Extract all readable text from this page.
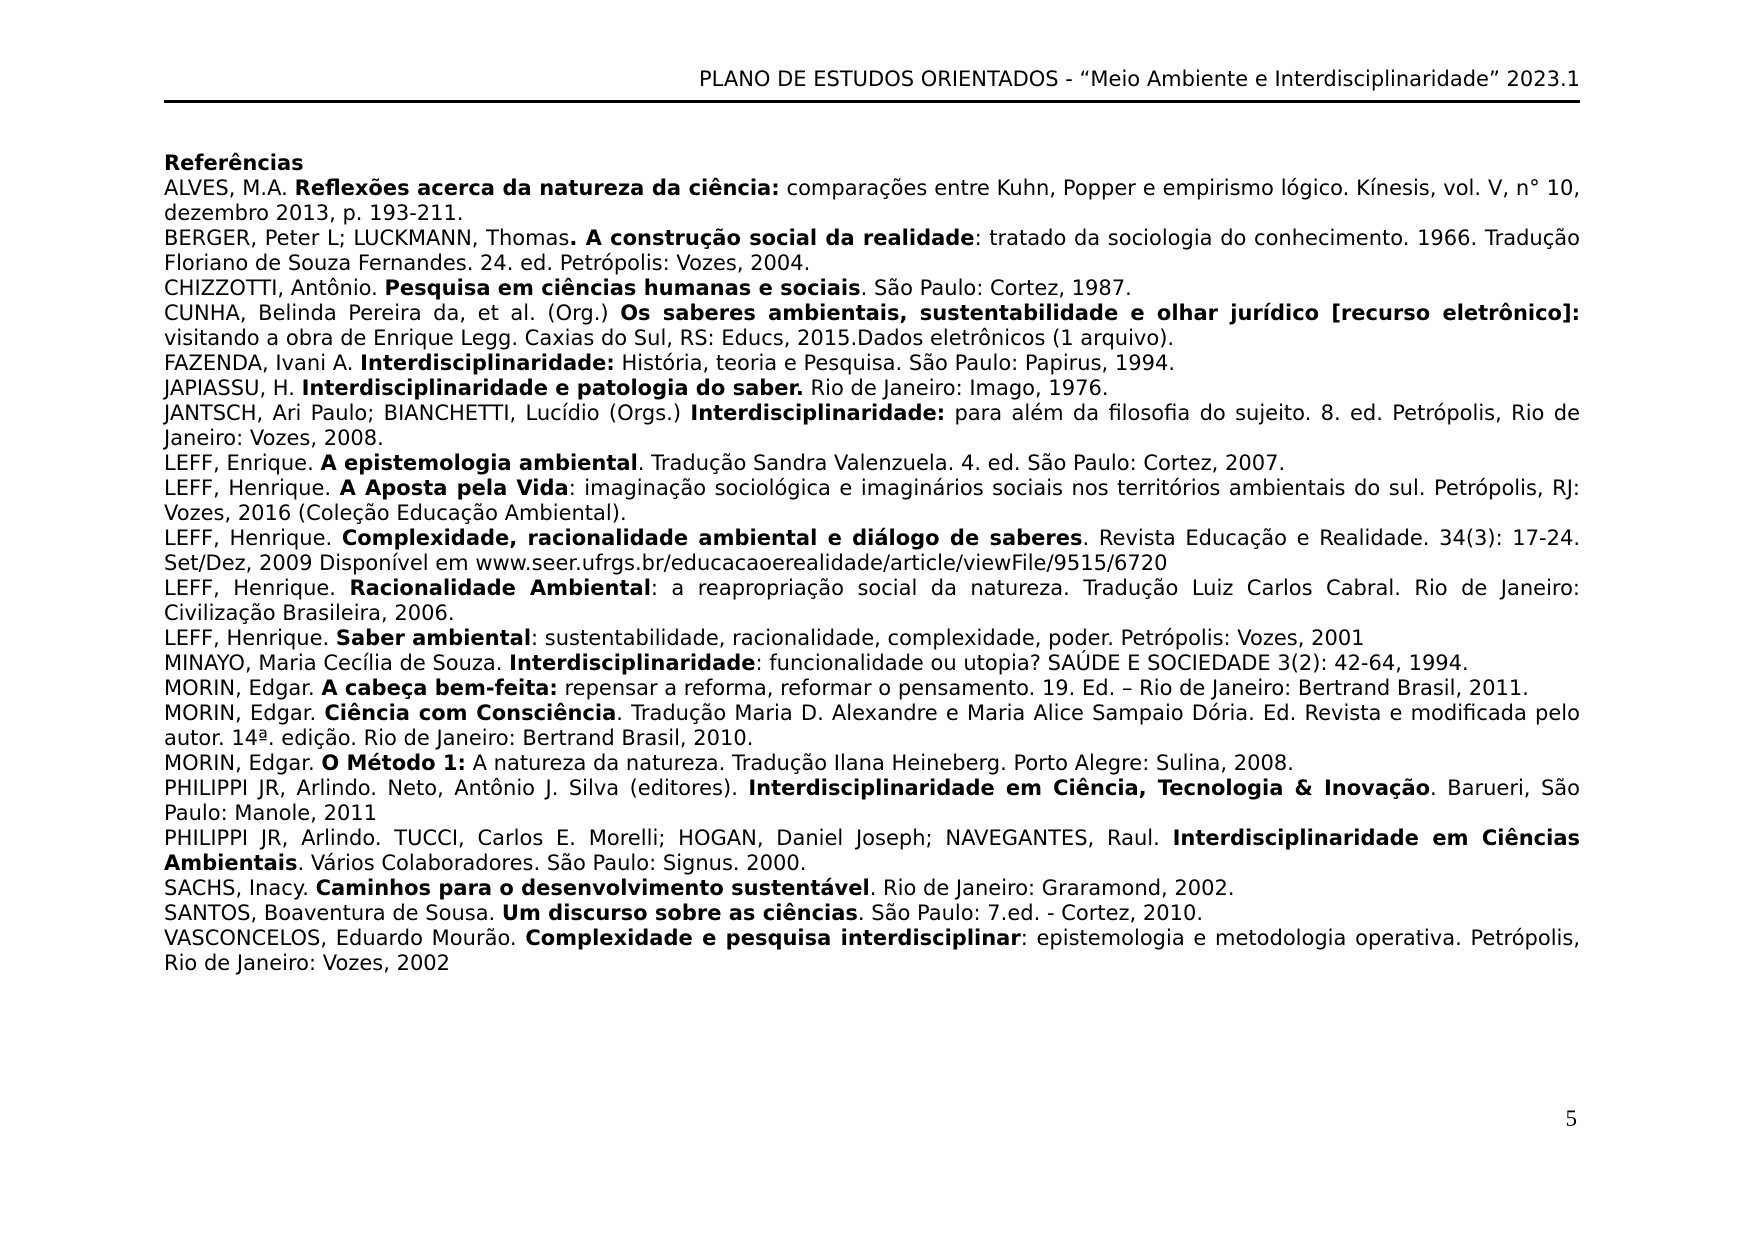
PLANO DE ESTUDOS ORIENTADOS - “Meio Ambiente e Interdisciplinaridade” 2023.1
Referências

ALVES, M.A. Reflexões acerca da natureza da ciência: comparações entre Kuhn, Popper e empirismo lógico. Kínesis, vol. V, n° 10, dezembro 2013, p. 193-211.

BERGER, Peter L; LUCKMANN, Thomas. A construção social da realidade: tratado da sociologia do conhecimento. 1966. Tradução Floriano de Souza Fernandes. 24. ed. Petrópolis: Vozes, 2004.

CHIZZOTTI, Antônio. Pesquisa em ciências humanas e sociais. São Paulo: Cortez, 1987.

CUNHA, Belinda Pereira da, et al. (Org.) Os saberes ambientais, sustentabilidade e olhar jurídico [recurso eletrônico]: visitando a obra de Enrique Legg. Caxias do Sul, RS: Educs, 2015.Dados eletrônicos (1 arquivo).

FAZENDA, Ivani A. Interdisciplinaridade: História, teoria e Pesquisa. São Paulo: Papirus, 1994.

JAPIASSU, H. Interdisciplinaridade e patologia do saber. Rio de Janeiro: Imago, 1976.

JANTSCH, Ari Paulo; BIANCHETTI, Lucídio (Orgs.) Interdisciplinaridade: para além da filosofia do sujeito. 8. ed. Petrópolis, Rio de Janeiro: Vozes, 2008.

LEFF, Enrique. A epistemologia ambiental. Tradução Sandra Valenzuela. 4. ed. São Paulo: Cortez, 2007.

LEFF, Henrique. A Aposta pela Vida: imaginação sociológica e imaginários sociais nos territórios ambientais do sul. Petrópolis, RJ: Vozes, 2016 (Coleção Educação Ambiental).

LEFF, Henrique. Complexidade, racionalidade ambiental e diálogo de saberes. Revista Educação e Realidade. 34(3): 17-24. Set/Dez, 2009 Disponível em www.seer.ufrgs.br/educacaoerealidade/article/viewFile/9515/6720

LEFF, Henrique. Racionalidade Ambiental: a reapropriação social da natureza. Tradução Luiz Carlos Cabral. Rio de Janeiro: Civilização Brasileira, 2006.

LEFF, Henrique. Saber ambiental: sustentabilidade, racionalidade, complexidade, poder. Petrópolis: Vozes, 2001

MINAYO, Maria Cecília de Souza. Interdisciplinaridade: funcionalidade ou utopia? SAÚDE E SOCIEDADE 3(2): 42-64, 1994.

MORIN, Edgar. A cabeça bem-feita: repensar a reforma, reformar o pensamento. 19. Ed. – Rio de Janeiro: Bertrand Brasil, 2011.

MORIN, Edgar. Ciência com Consciência. Tradução Maria D. Alexandre e Maria Alice Sampaio Dória. Ed. Revista e modificada pelo autor. 14ª. edição. Rio de Janeiro: Bertrand Brasil, 2010.

MORIN, Edgar. O Método 1: A natureza da natureza. Tradução Ilana Heineberg. Porto Alegre: Sulina, 2008.

PHILIPPI JR, Arlindo. Neto, Antônio J. Silva (editores). Interdisciplinaridade em Ciência, Tecnologia & Inovação. Barueri, São Paulo: Manole, 2011

PHILIPPI JR, Arlindo. TUCCI, Carlos E. Morelli; HOGAN, Daniel Joseph; NAVEGANTES, Raul. Interdisciplinaridade em Ciências Ambientais. Vários Colaboradores. São Paulo: Signus. 2000.

SACHS, Inacy. Caminhos para o desenvolvimento sustentável. Rio de Janeiro: Graramond, 2002.

SANTOS, Boaventura de Sousa. Um discurso sobre as ciências. São Paulo: 7.ed. - Cortez, 2010.

VASCONCELOS, Eduardo Mourão. Complexidade e pesquisa interdisciplinar: epistemologia e metodologia operativa. Petrópolis, Rio de Janeiro: Vozes, 2002

5
